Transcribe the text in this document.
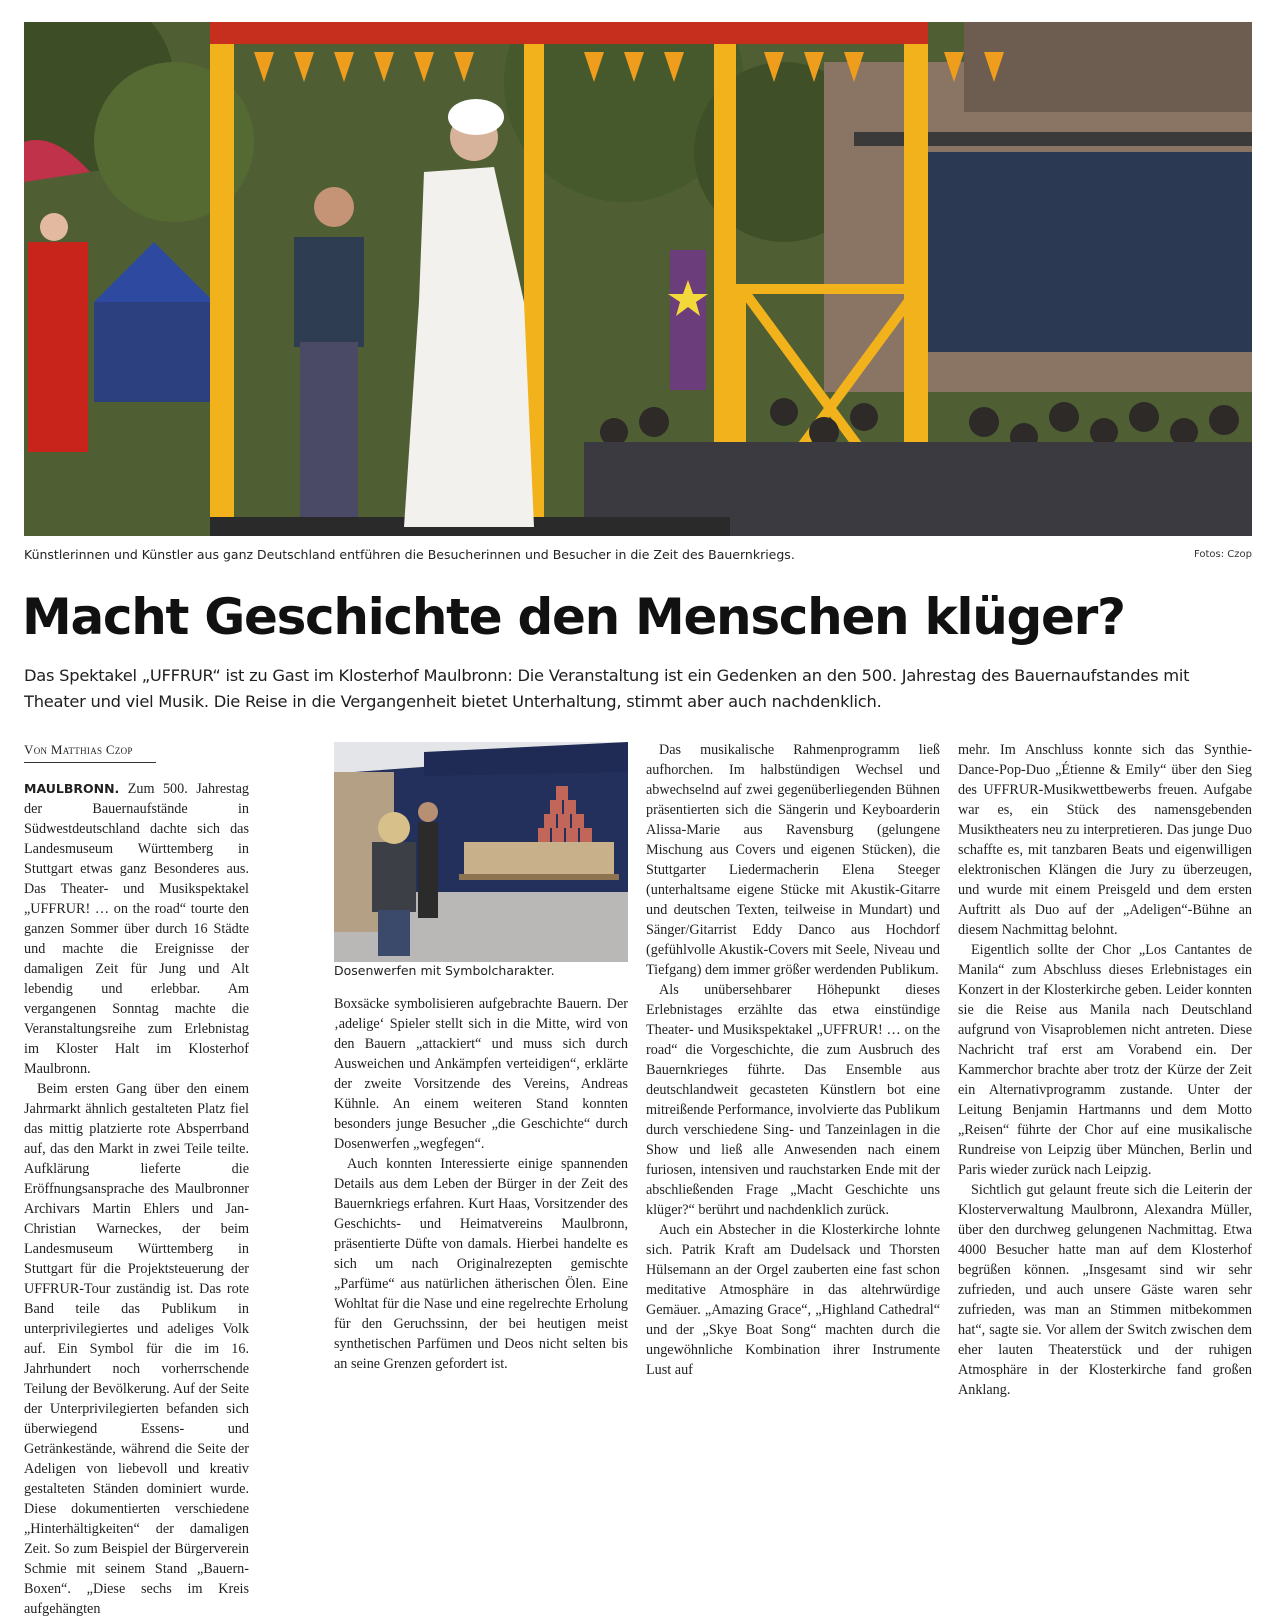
Künstlerinnen und Künstler aus ganz Deutschland entführen die Besucherinnen und Besucher in die Zeit des Bauernkriegs.	Fotos: Czop
Macht Geschichte den Menschen klüger?

Das Spektakel „UFFRUR“ ist zu Gast im Klosterhof Maulbronn: Die Veranstaltung ist ein Gedenken an den 500. Jahrestag des Bauernaufstandes mit Theater und viel Musik. Die Reise in die Vergangenheit bietet Unterhaltung, stimmt aber auch nachdenklich.

Von Matthias Czop

MAULBRONN. Zum 500. Jahrestag der Bauernaufstände in Südwestdeutschland dachte sich das Landesmuseum Württemberg in Stuttgart etwas ganz Besonderes aus. Das Theater- und Musikspektakel „UFFRUR! … on the road“ tourte den ganzen Sommer über durch 16 Städte und machte die Ereignisse der damaligen Zeit für Jung und Alt lebendig und erlebbar. Am vergangenen Sonntag machte die Veranstaltungsreihe zum Erlebnistag im Kloster Halt im Klosterhof Maulbronn.

Beim ersten Gang über den einem Jahrmarkt ähnlich gestalteten Platz fiel das mittig platzierte rote Absperrband auf, das den Markt in zwei Teile teilte. Aufklärung lieferte die Eröffnungsansprache des Maulbronner Archivars Martin Ehlers und Jan-Christian Warneckes, der beim Landesmuseum Württemberg in Stuttgart für die Projektsteuerung der UFFRUR-Tour zuständig ist. Das rote Band teile das Publikum in unterprivilegiertes und adeliges Volk auf. Ein Symbol für die im 16. Jahrhundert noch vorherrschende Teilung der Bevölkerung. Auf der Seite der Unterprivilegierten befanden sich überwiegend Essens- und Getränkestände, während die Seite der Adeligen von liebevoll und kreativ gestalteten Ständen dominiert wurde. Diese dokumentierten verschiedene „Hinterhältigkeiten“ der damaligen Zeit. So zum Beispiel der Bürgerverein Schmie mit seinem Stand „Bauern-Boxen“. „Diese sechs im Kreis aufgehängten

Dosenwerfen mit Symbolcharakter.

Boxsäcke symbolisieren aufgebrachte Bauern. Der ‚adelige‘ Spieler stellt sich in die Mitte, wird von den Bauern „attackiert“ und muss sich durch Ausweichen und Ankämpfen verteidigen“, erklärte der zweite Vorsitzende des Vereins, Andreas Kühnle. An einem weiteren Stand konnten besonders junge Besucher „die Geschichte“ durch Dosenwerfen „wegfegen“.

Auch konnten Interessierte einige spannenden Details aus dem Leben der Bürger in der Zeit des Bauernkriegs erfahren. Kurt Haas, Vorsitzender des Geschichts- und Heimatvereins Maulbronn, präsentierte Düfte von damals. Hierbei handelte es sich um nach Originalrezepten gemischte „Parfüme“ aus natürlichen ätherischen Ölen. Eine Wohltat für die Nase und eine regelrechte Erholung für den Geruchssinn, der bei heutigen meist synthetischen Parfümen und Deos nicht selten bis an seine Grenzen gefordert ist.

Das musikalische Rahmenprogramm ließ aufhorchen. Im halbstündigen Wechsel und abwechselnd auf zwei gegenüberliegenden Bühnen präsentierten sich die Sängerin und Keyboarderin Alissa-Marie aus Ravensburg (gelungene Mischung aus Covers und eigenen Stücken), die Stuttgarter Liedermacherin Elena Steeger (unterhaltsame eigene Stücke mit Akustik-Gitarre und deutschen Texten, teilweise in Mundart) und Sänger/Gitarrist Eddy Danco aus Hochdorf (gefühlvolle Akustik-Covers mit Seele, Niveau und Tiefgang) dem immer größer werdenden Publikum.

Als unübersehbarer Höhepunkt dieses Erlebnistages erzählte das etwa einstündige Theater- und Musikspektakel „UFFRUR! … on the road“ die Vorgeschichte, die zum Ausbruch des Bauernkrieges führte. Das Ensemble aus deutschlandweit gecasteten Künstlern bot eine mitreißende Performance, involvierte das Publikum durch verschiedene Sing- und Tanzeinlagen in die Show und ließ alle Anwesenden nach einem furiosen, intensiven und rauchstarken Ende mit der abschließenden Frage „Macht Geschichte uns klüger?“ berührt und nachdenklich zurück.

Auch ein Abstecher in die Klosterkirche lohnte sich. Patrik Kraft am Dudelsack und Thorsten Hülsemann an der Orgel zauberten eine fast schon meditative Atmosphäre in das altehrwürdige Gemäuer. „Amazing Grace“, „Highland Cathedral“ und der „Skye Boat Song“ machten durch die ungewöhnliche Kombination ihrer Instrumente Lust auf

mehr. Im Anschluss konnte sich das Synthie-Dance-Pop-Duo „Étienne & Emily“ über den Sieg des UFFRUR-Musikwettbewerbs freuen. Aufgabe war es, ein Stück des namensgebenden Musiktheaters neu zu interpretieren. Das junge Duo schaffte es, mit tanzbaren Beats und eigenwilligen elektronischen Klängen die Jury zu überzeugen, und wurde mit einem Preisgeld und dem ersten Auftritt als Duo auf der „Adeligen“-Bühne an diesem Nachmittag belohnt.

Eigentlich sollte der Chor „Los Cantantes de Manila“ zum Abschluss dieses Erlebnistages ein Konzert in der Klosterkirche geben. Leider konnten sie die Reise aus Manila nach Deutschland aufgrund von Visaproblemen nicht antreten. Diese Nachricht traf erst am Vorabend ein. Der Kammerchor brachte aber trotz der Kürze der Zeit ein Alternativprogramm zustande. Unter der Leitung Benjamin Hartmanns und dem Motto „Reisen“ führte der Chor auf eine musikalische Rundreise von Leipzig über München, Berlin und Paris wieder zurück nach Leipzig.

Sichtlich gut gelaunt freute sich die Leiterin der Klosterverwaltung Maulbronn, Alexandra Müller, über den durchweg gelungenen Nachmittag. Etwa 4000 Besucher hatte man auf dem Klosterhof begrüßen können. „Insgesamt sind wir sehr zufrieden, und auch unsere Gäste waren sehr zufrieden, was man an Stimmen mitbekommen hat“, sagte sie. Vor allem der Switch zwischen dem eher lauten Theaterstück und der ruhigen Atmosphäre in der Klosterkirche fand großen Anklang.
